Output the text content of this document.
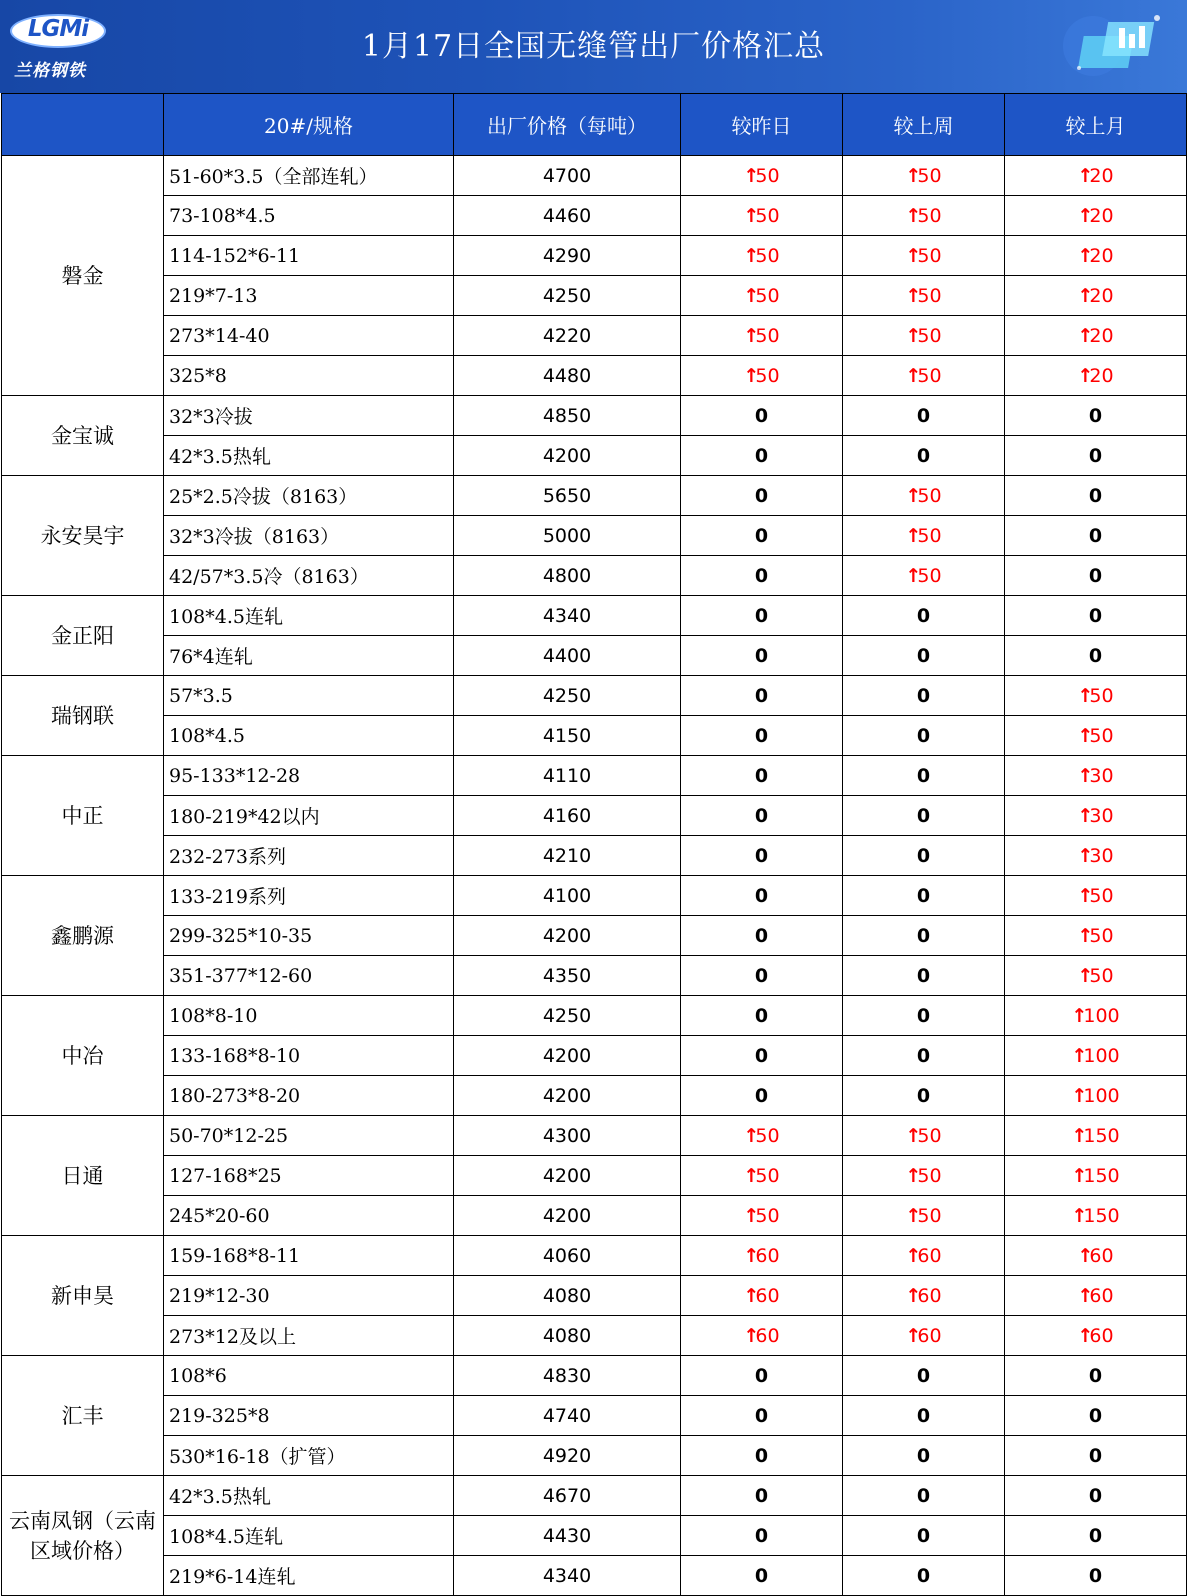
LGMi
兰格钢铁
1月17日全国无缝管出厂价格汇总
	20#/规格	出厂价格（每吨）	较昨日	较上周	较上月
磐金	51-60*3.5（全部连轧）	4700	↑50	↑50	↑20
	73-108*4.5	4460	↑50	↑50	↑20
	114-152*6-11	4290	↑50	↑50	↑20
	219*7-13	4250	↑50	↑50	↑20
	273*14-40	4220	↑50	↑50	↑20
	325*8	4480	↑50	↑50	↑20
金宝诚	32*3冷拔	4850	0	0	0
	42*3.5热轧	4200	0	0	0
永安昊宇	25*2.5冷拔（8163）	5650	0	↑50	0
	32*3冷拔（8163）	5000	0	↑50	0
	42/57*3.5冷（8163）	4800	0	↑50	0
金正阳	108*4.5连轧	4340	0	0	0
	76*4连轧	4400	0	0	0
瑞钢联	57*3.5	4250	0	0	↑50
	108*4.5	4150	0	0	↑50
中正	95-133*12-28	4110	0	0	↑30
	180-219*42以内	4160	0	0	↑30
	232-273系列	4210	0	0	↑30
鑫鹏源	133-219系列	4100	0	0	↑50
	299-325*10-35	4200	0	0	↑50
	351-377*12-60	4350	0	0	↑50
中冶	108*8-10	4250	0	0	↑100
	133-168*8-10	4200	0	0	↑100
	180-273*8-20	4200	0	0	↑100
日通	50-70*12-25	4300	↑50	↑50	↑150
	127-168*25	4200	↑50	↑50	↑150
	245*20-60	4200	↑50	↑50	↑150
新申昊	159-168*8-11	4060	↑60	↑60	↑60
	219*12-30	4080	↑60	↑60	↑60
	273*12及以上	4080	↑60	↑60	↑60
汇丰	108*6	4830	0	0	0
	219-325*8	4740	0	0	0
	530*16-18（扩管）	4920	0	0	0
云南凤钢（云南区域价格）	42*3.5热轧	4670	0	0	0
	108*4.5连轧	4430	0	0	0
	219*6-14连轧	4340	0	0	0
